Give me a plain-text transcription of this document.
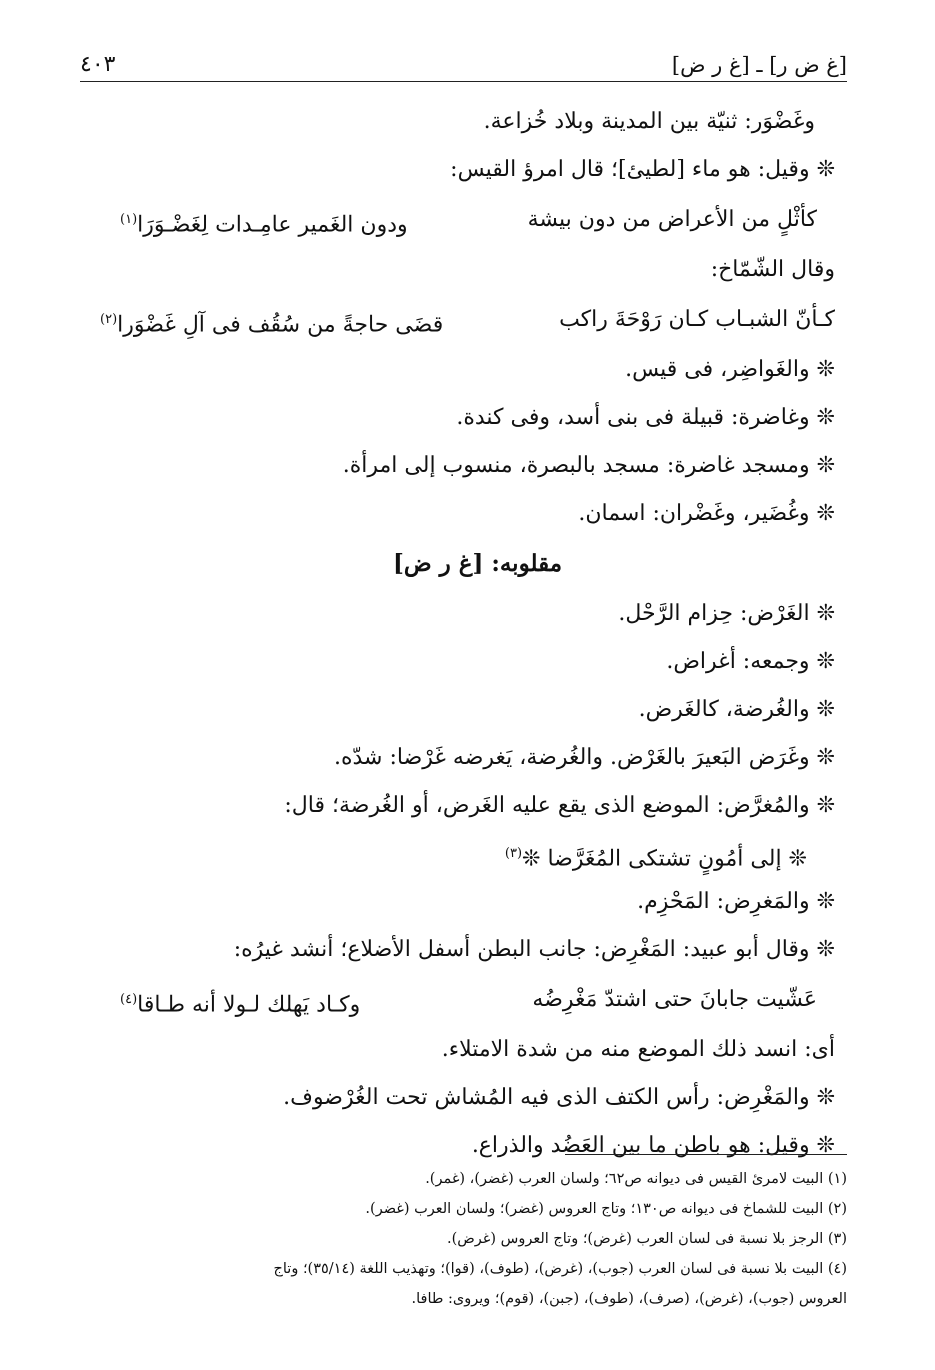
[غ ض ر] ـ [غ ر ض]
٤٠٣
وغَضْوَر: ثنيّة بين المدينة وبلاد خُزاعة.
❊ وقيل: هو ماء [لطيئ]؛ قال امرؤ القيس:
كأثْلٍ من الأعراض من دون بيشة
ودون الغَمير عامِـدات لِغَضْـوَرَا$^{(١)}$
وقال الشّمّاخ:
كـأنّ الشبـاب كـان رَوْحَةَ راكب
قضَى حاجةً من سُقُف فى آلِ غَضْوَرا$^{(٢)}$
❊ والغَواضِر، فى قيس.
❊ وغاضرة: قبيلة فى بنى أسد، وفى كندة.
❊ ومسجد غاضرة: مسجد بالبصرة، منسوب إلى امرأة.
❊ وغُضَير، وغَضْران: اسمان.
مقلوبه: [غ ر ض]
❊ الغَرْض: حِزام الرَّحْل.
❊ وجمعه: أغراض.
❊ والغُرضة، كالغَرض.
❊ وغَرَض البَعيرَ بالغَرْض. والغُرضة، يَغرضه غَرْضا: شدّه.
❊ والمُغرَّض: الموضع الذى يقع عليه الغَرض، أو الغُرضة؛ قال:
❊ إلى أمُونٍ تشتكى المُغَرَّضا ❊$^{(٣)}$
❊ والمَغرِض: المَحْزِم.
❊ وقال أبو عبيد: المَغْرِض: جانب البطن أسفل الأضلاع؛ أنشد غيرُه:
عَشّيت جابانَ حتى اشتدّ مَغْرِضُه
وكـاد يَهلك لـولا أنه طـاقا$^{(٤)}$
أى: انسد ذلك الموضع منه من شدة الامتلاء.
❊ والمَغْرِض: رأس الكتف الذى فيه المُشاش تحت الغُرْضوف.
❊ وقيل: هو باطن ما بين العَضُد والذراع.
(١) البيت لامرئ القيس فى ديوانه ص٦٢؛ ولسان العرب (غضر)، (غمر).
(٢) البيت للشماخ فى ديوانه ص١٣٠؛ وتاج العروس (غضر)؛ ولسان العرب (غضر).
(٣) الرجز بلا نسبة فى لسان العرب (غرض)؛ وتاج العروس (غرض).
(٤) البيت بلا نسبة فى لسان العرب (جوب)، (غرض)، (طوف)، (قوا)؛ وتهذيب اللغة (٣٥/١٤)؛ وتاج
العروس (جوب)، (غرض)، (صرف)، (طوف)، (جبن)، (قوم)؛ ويروى: طافا.
